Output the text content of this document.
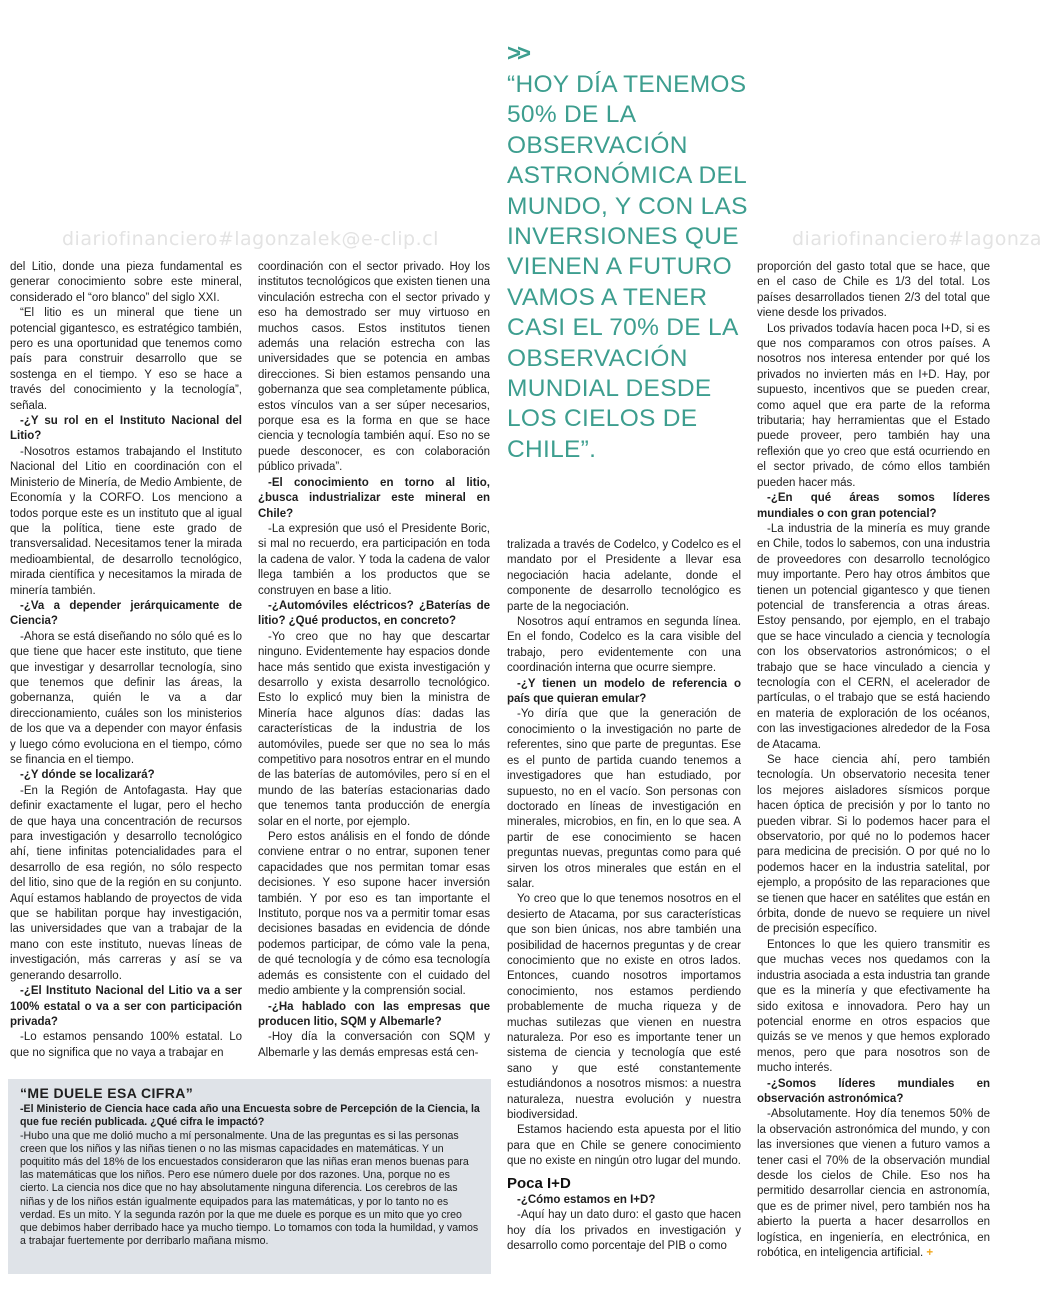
diariofinanciero#lagonzalek@e-clip.cl	diariofinanciero#lagonza
>>
“HOY DÍA TENEMOS 50% DE LA OBSERVACIÓN ASTRONÓMICA DEL MUNDO, Y CON LAS INVERSIONES QUE VIENEN A FUTURO VAMOS A TENER CASI EL 70% DE LA OBSERVACIÓN MUNDIAL DESDE LOS CIELOS DE CHILE”.

del Litio, donde una pieza fundamental es generar conocimiento sobre este mineral, considerado el “oro blanco” del siglo XXI.

“El litio es un mineral que tiene un potencial gigantesco, es estratégico también, pero es una oportunidad que tenemos como país para construir desarrollo que se sostenga en el tiempo. Y eso se hace a través del conocimiento y la tecnología”, señala.

-¿Y su rol en el Instituto Nacional del Litio?

-Nosotros estamos trabajando el Instituto Nacional del Litio en coordinación con el Ministerio de Minería, de Medio Ambiente, de Economía y la CORFO. Los menciono a todos porque este es un instituto que al igual que la política, tiene este grado de transversalidad. Necesitamos tener la mirada medioambiental, de desarrollo tecnológico, mirada científica y necesitamos la mirada de minería también.

-¿Va a depender jerárquicamente de Ciencia?

-Ahora se está diseñando no sólo qué es lo que tiene que hacer este instituto, que tiene que investigar y desarrollar tecnología, sino que tenemos que definir las áreas, la gobernanza, quién le va a dar direccionamiento, cuáles son los ministerios de los que va a depender con mayor énfasis y luego cómo evoluciona en el tiempo, cómo se financia en el tiempo.

-¿Y dónde se localizará?

-En la Región de Antofagasta. Hay que definir exactamente el lugar, pero el hecho de que haya una concentración de recursos para investigación y desarrollo tecnológico ahí, tiene infinitas potencialidades para el desarrollo de esa región, no sólo respecto del litio, sino que de la región en su conjunto. Aquí estamos hablando de proyectos de vida que se habilitan porque hay investigación, las universidades que van a trabajar de la mano con este instituto, nuevas líneas de investigación, más carreras y así se va generando desarrollo.

-¿El Instituto Nacional del Litio va a ser 100% estatal o va a ser con participación privada?

-Lo estamos pensando 100% estatal. Lo que no significa que no vaya a trabajar en

coordinación con el sector privado. Hoy los institutos tecnológicos que existen tienen una vinculación estrecha con el sector privado y eso ha demostrado ser muy virtuoso en muchos casos. Estos institutos tienen además una relación estrecha con las universidades que se potencia en ambas direcciones. Si bien estamos pensando una gobernanza que sea completamente pública, estos vínculos van a ser súper necesarios, porque esa es la forma en que se hace ciencia y tecnología también aquí. Eso no se puede desconocer, es con colaboración público privada”.

-El conocimiento en torno al litio, ¿busca industrializar este mineral en Chile?

-La expresión que usó el Presidente Boric, si mal no recuerdo, era participación en toda la cadena de valor. Y toda la cadena de valor llega también a los productos que se construyen en base a litio.

-¿Automóviles eléctricos? ¿Baterías de litio? ¿Qué productos, en concreto?

-Yo creo que no hay que descartar ninguno. Evidentemente hay espacios donde hace más sentido que exista investigación y desarrollo y exista desarrollo tecnológico. Esto lo explicó muy bien la ministra de Minería hace algunos días: dadas las características de la industria de los automóviles, puede ser que no sea lo más competitivo para nosotros entrar en el mundo de las baterías de automóviles, pero sí en el mundo de las baterías estacionarias dado que tenemos tanta producción de energía solar en el norte, por ejemplo.

Pero estos análisis en el fondo de dónde conviene entrar o no entrar, suponen tener capacidades que nos permitan tomar esas decisiones. Y eso supone hacer inversión también. Y por eso es tan importante el Instituto, porque nos va a permitir tomar esas decisiones basadas en evidencia de dónde podemos participar, de cómo vale la pena, de qué tecnología y de cómo esa tecnología además es consistente con el cuidado del medio ambiente y la comprensión social.

-¿Ha hablado con las empresas que producen litio, SQM y Albemarle?

-Hoy día la conversación con SQM y Albemarle y las demás empresas está cen-

tralizada a través de Codelco, y Codelco es el mandato por el Presidente a llevar esa negociación hacia adelante, donde el componente de desarrollo tecnológico es parte de la negociación.

Nosotros aquí entramos en segunda línea. En el fondo, Codelco es la cara visible del trabajo, pero evidentemente con una coordinación interna que ocurre siempre.

-¿Y tienen un modelo de referencia o país que quieran emular?

-Yo diría que que la generación de conocimiento o la investigación no parte de referentes, sino que parte de preguntas. Ese es el punto de partida cuando tenemos a investigadores que han estudiado, por supuesto, no en el vacío. Son personas con doctorado en líneas de investigación en minerales, microbios, en fin, en lo que sea. A partir de ese conocimiento se hacen preguntas nuevas, preguntas como para qué sirven los otros minerales que están en el salar.

Yo creo que lo que tenemos nosotros en el desierto de Atacama, por sus características que son bien únicas, nos abre también una posibilidad de hacernos preguntas y de crear conocimiento que no existe en otros lados. Entonces, cuando nosotros importamos conocimiento, nos estamos perdiendo probablemente de mucha riqueza y de muchas sutilezas que vienen en nuestra naturaleza. Por eso es importante tener un sistema de ciencia y tecnología que esté sano y que esté constantemente estudiándonos a nosotros mismos: a nuestra naturaleza, nuestra evolución y nuestra biodiversidad.

Estamos haciendo esta apuesta por el litio para que en Chile se genere conocimiento que no existe en ningún otro lugar del mundo.

Poca I+D

-¿Cómo estamos en I+D?

-Aquí hay un dato duro: el gasto que hacen hoy día los privados en investigación y desarrollo como porcentaje del PIB o como

proporción del gasto total que se hace, que en el caso de Chile es 1/3 del total. Los países desarrollados tienen 2/3 del total que viene desde los privados.

Los privados todavía hacen poca I+D, si es que nos comparamos con otros países. A nosotros nos interesa entender por qué los privados no invierten más en I+D. Hay, por supuesto, incentivos que se pueden crear, como aquel que era parte de la reforma tributaria; hay herramientas que el Estado puede proveer, pero también hay una reflexión que yo creo que está ocurriendo en el sector privado, de cómo ellos también pueden hacer más.

-¿En qué áreas somos líderes mundiales o con gran potencial?

-La industria de la minería es muy grande en Chile, todos lo sabemos, con una industria de proveedores con desarrollo tecnológico muy importante. Pero hay otros ámbitos que tienen un potencial gigantesco y que tienen potencial de transferencia a otras áreas. Estoy pensando, por ejemplo, en el trabajo que se hace vinculado a ciencia y tecnología con los observatorios astronómicos; o el trabajo que se hace vinculado a ciencia y tecnología con el CERN, el acelerador de partículas, o el trabajo que se está haciendo en materia de exploración de los océanos, con las investigaciones alrededor de la Fosa de Atacama.

Se hace ciencia ahí, pero también tecnología. Un observatorio necesita tener los mejores aisladores sísmicos porque hacen óptica de precisión y por lo tanto no pueden vibrar. Si lo podemos hacer para el observatorio, por qué no lo podemos hacer para medicina de precisión. O por qué no lo podemos hacer en la industria satelital, por ejemplo, a propósito de las reparaciones que se tienen que hacer en satélites que están en órbita, donde de nuevo se requiere un nivel de precisión específico.

Entonces lo que les quiero transmitir es que muchas veces nos quedamos con la industria asociada a esta industria tan grande que es la minería y que efectivamente ha sido exitosa e innovadora. Pero hay un potencial enorme en otros espacios que quizás se ve menos y que hemos explorado menos, pero que para nosotros son de mucho interés.

-¿Somos líderes mundiales en observación astronómica?

-Absolutamente. Hoy día tenemos 50% de la observación astronómica del mundo, y con las inversiones que vienen a futuro vamos a tener casi el 70% de la observación mundial desde los cielos de Chile. Eso nos ha permitido desarrollar ciencia en astronomía, que es de primer nivel, pero también nos ha abierto la puerta a hacer desarrollos en logística, en ingeniería, en electrónica, en robótica, en inteligencia artificial. +

“ME DUELE ESA CIFRA”

-El Ministerio de Ciencia hace cada año una Encuesta sobre de Percepción de la Ciencia, la que fue recién publicada. ¿Qué cifra le impactó?

-Hubo una que me dolió mucho a mí personalmente. Una de las preguntas es si las personas creen que los niños y las niñas tienen o no las mismas capacidades en matemáticas. Y un poquitito más del 18% de los encuestados consideraron que las niñas eran menos buenas para las matemáticas que los niños. Pero ese número duele por dos razones. Una, porque no es cierto. La ciencia nos dice que no hay absolutamente ninguna diferencia. Los cerebros de las niñas y de los niños están igualmente equipados para las matemáticas, y por lo tanto no es verdad. Es un mito. Y la segunda razón por la que me duele es porque es un mito que yo creo que debimos haber derribado hace ya mucho tiempo. Lo tomamos con toda la humildad, y vamos a trabajar fuertemente por derribarlo mañana mismo.
